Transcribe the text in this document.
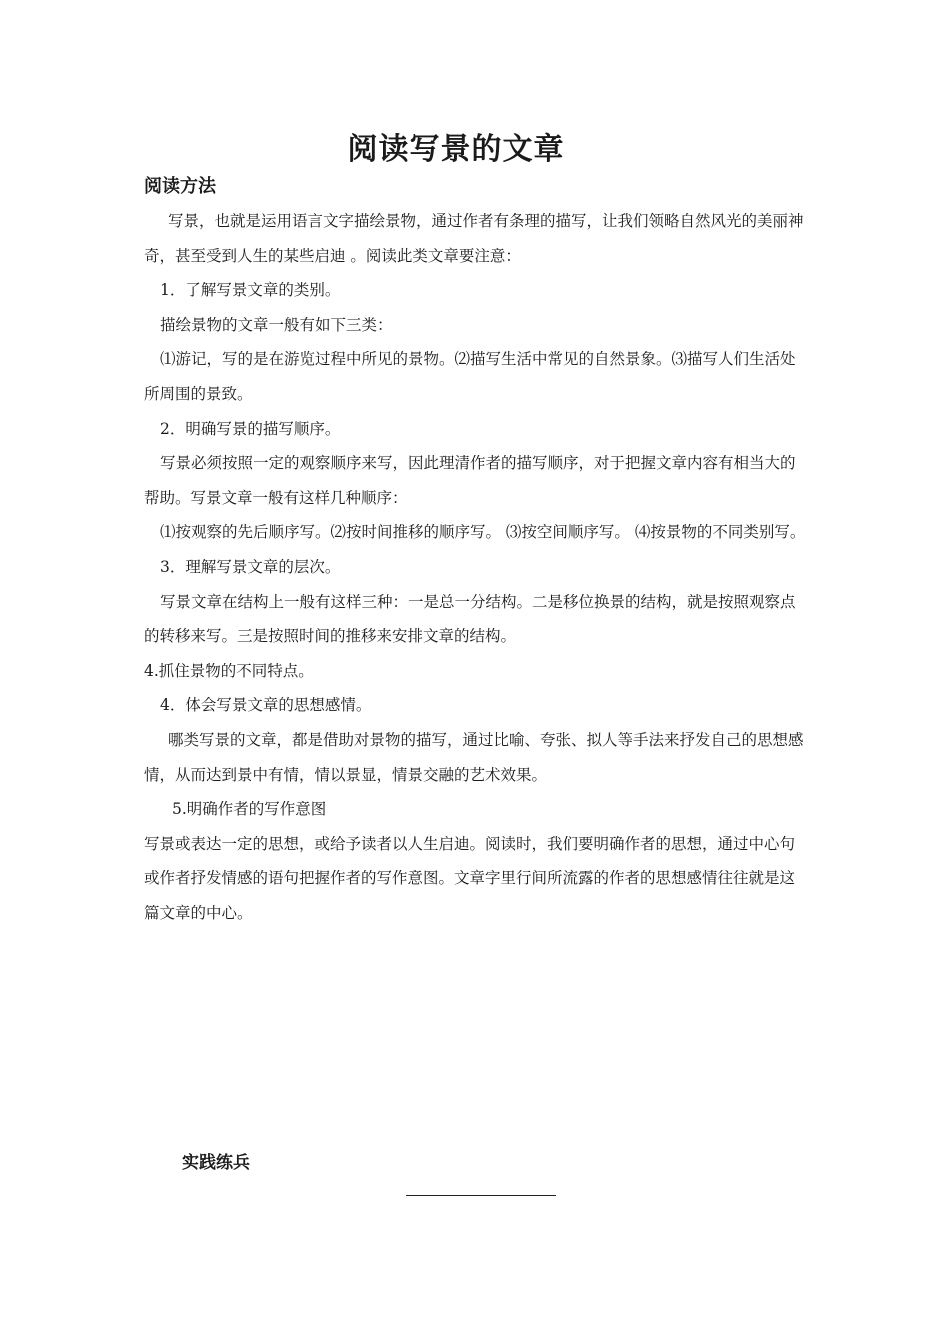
阅读写景的文章
阅读方法

写景，也就是运用语言文字描绘景物，通过作者有条理的描写，让我们领略自然风光的美丽神奇，甚至受到人生的某些启迪 。阅读此类文章要注意：

1．了解写景文章的类别。

描绘景物的文章一般有如下三类：

⑴游记，写的是在游览过程中所见的景物。⑵描写生活中常见的自然景象。⑶描写人们生活处所周围的景致。

2．明确写景的描写顺序。

写景必须按照一定的观察顺序来写，因此理清作者的描写顺序，对于把握文章内容有相当大的帮助。写景文章一般有这样几种顺序：

⑴按观察的先后顺序写。⑵按时间推移的顺序写。 ⑶按空间顺序写。 ⑷按景物的不同类别写。

3．理解写景文章的层次。

写景文章在结构上一般有这样三种：一是总一分结构。二是移位换景的结构，就是按照观察点的转移来写。三是按照时间的推移来安排文章的结构。

4.抓住景物的不同特点。

4．体会写景文章的思想感情。

哪类写景的文章，都是借助对景物的描写，通过比喻、夸张、拟人等手法来抒发自己的思想感情，从而达到景中有情，情以景显，情景交融的艺术效果。

5.明确作者的写作意图

写景或表达一定的思想，或给予读者以人生启迪。阅读时，我们要明确作者的思想，通过中心句或作者抒发情感的语句把握作者的写作意图。文章字里行间所流露的作者的思想感情往往就是这篇文章的中心。

实践练兵
